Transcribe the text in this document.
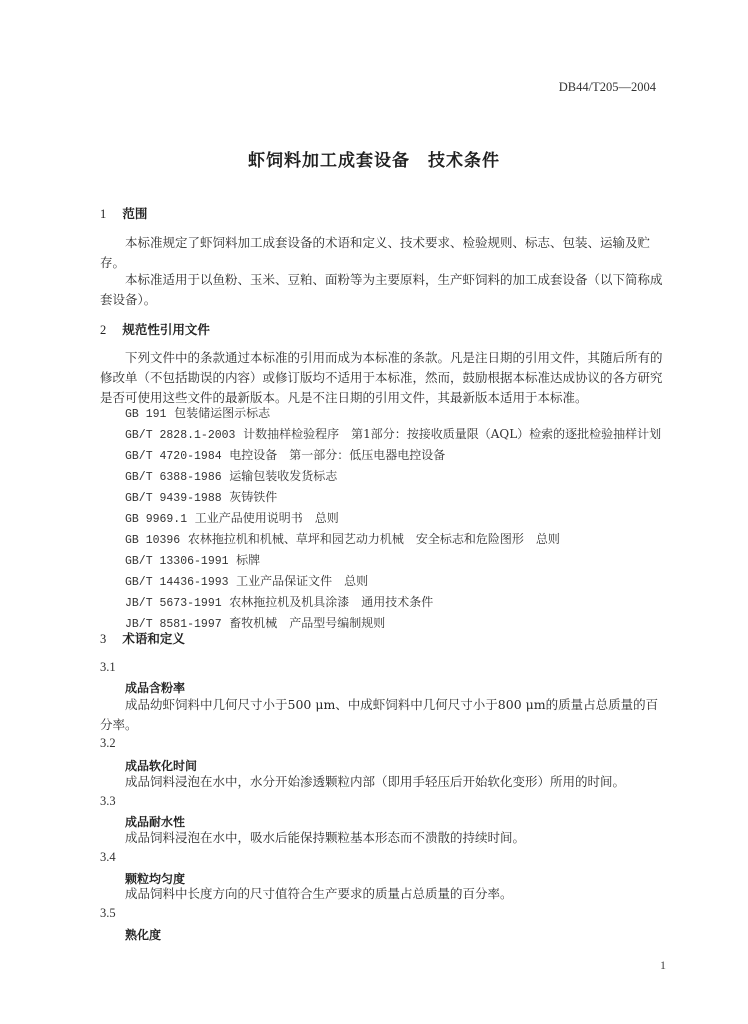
DB44/T205—2004
虾饲料加工成套设备　技术条件
1 范围
本标准规定了虾饲料加工成套设备的术语和定义、技术要求、检验规则、标志、包装、运输及贮存。
本标准适用于以鱼粉、玉米、豆粕、面粉等为主要原料，生产虾饲料的加工成套设备（以下简称成套设备）。
2 规范性引用文件
下列文件中的条款通过本标准的引用而成为本标准的条款。凡是注日期的引用文件，其随后所有的修改单（不包括勘误的内容）或修订版均不适用于本标准，然而，鼓励根据本标准达成协议的各方研究是否可使用这些文件的最新版本。凡是不注日期的引用文件，其最新版本适用于本标准。
GB 191 包装储运图示标志
GB/T 2828.1-2003 计数抽样检验程序　第1部分：按接收质量限（AQL）检索的逐批检验抽样计划
GB/T 4720-1984 电控设备　第一部分：低压电器电控设备
GB/T 6388-1986 运输包装收发货标志
GB/T 9439-1988 灰铸铁件
GB 9969.1 工业产品使用说明书　总则
GB 10396 农林拖拉机和机械、草坪和园艺动力机械　安全标志和危险图形　总则
GB/T 13306-1991 标牌
GB/T 14436-1993 工业产品保证文件　总则
JB/T 5673-1991 农林拖拉机及机具涂漆　通用技术条件
JB/T 8581-1997 畜牧机械　产品型号编制规则
3 术语和定义
3.1
成品含粉率
成品幼虾饲料中几何尺寸小于500 μm、中成虾饲料中几何尺寸小于800 μm的质量占总质量的百分率。
3.2
成品软化时间
成品饲料浸泡在水中，水分开始渗透颗粒内部（即用手轻压后开始软化变形）所用的时间。
3.3
成品耐水性
成品饲料浸泡在水中，吸水后能保持颗粒基本形态而不溃散的持续时间。
3.4
颗粒均匀度
成品饲料中长度方向的尺寸值符合生产要求的质量占总质量的百分率。
3.5
熟化度
1
